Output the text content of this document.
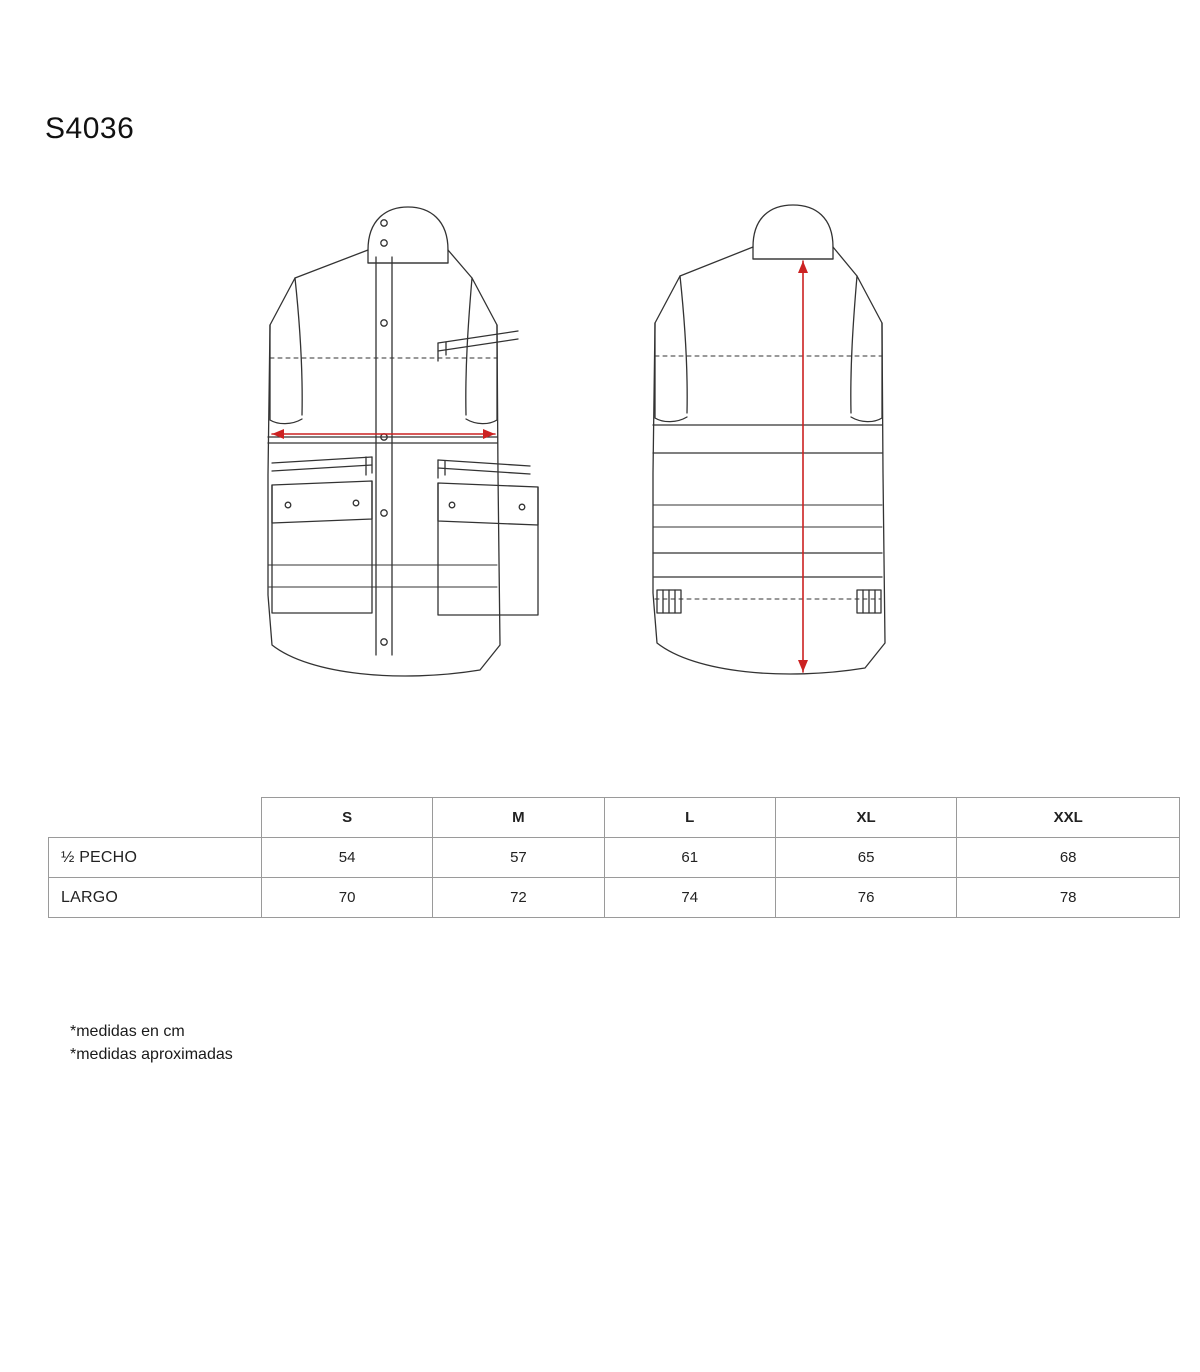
S4036
	S	M	L	XL	XXL
½ PECHO	54	57	61	65	68
LARGO	70	72	74	76	78
*medidas en cm
*medidas aproximadas
